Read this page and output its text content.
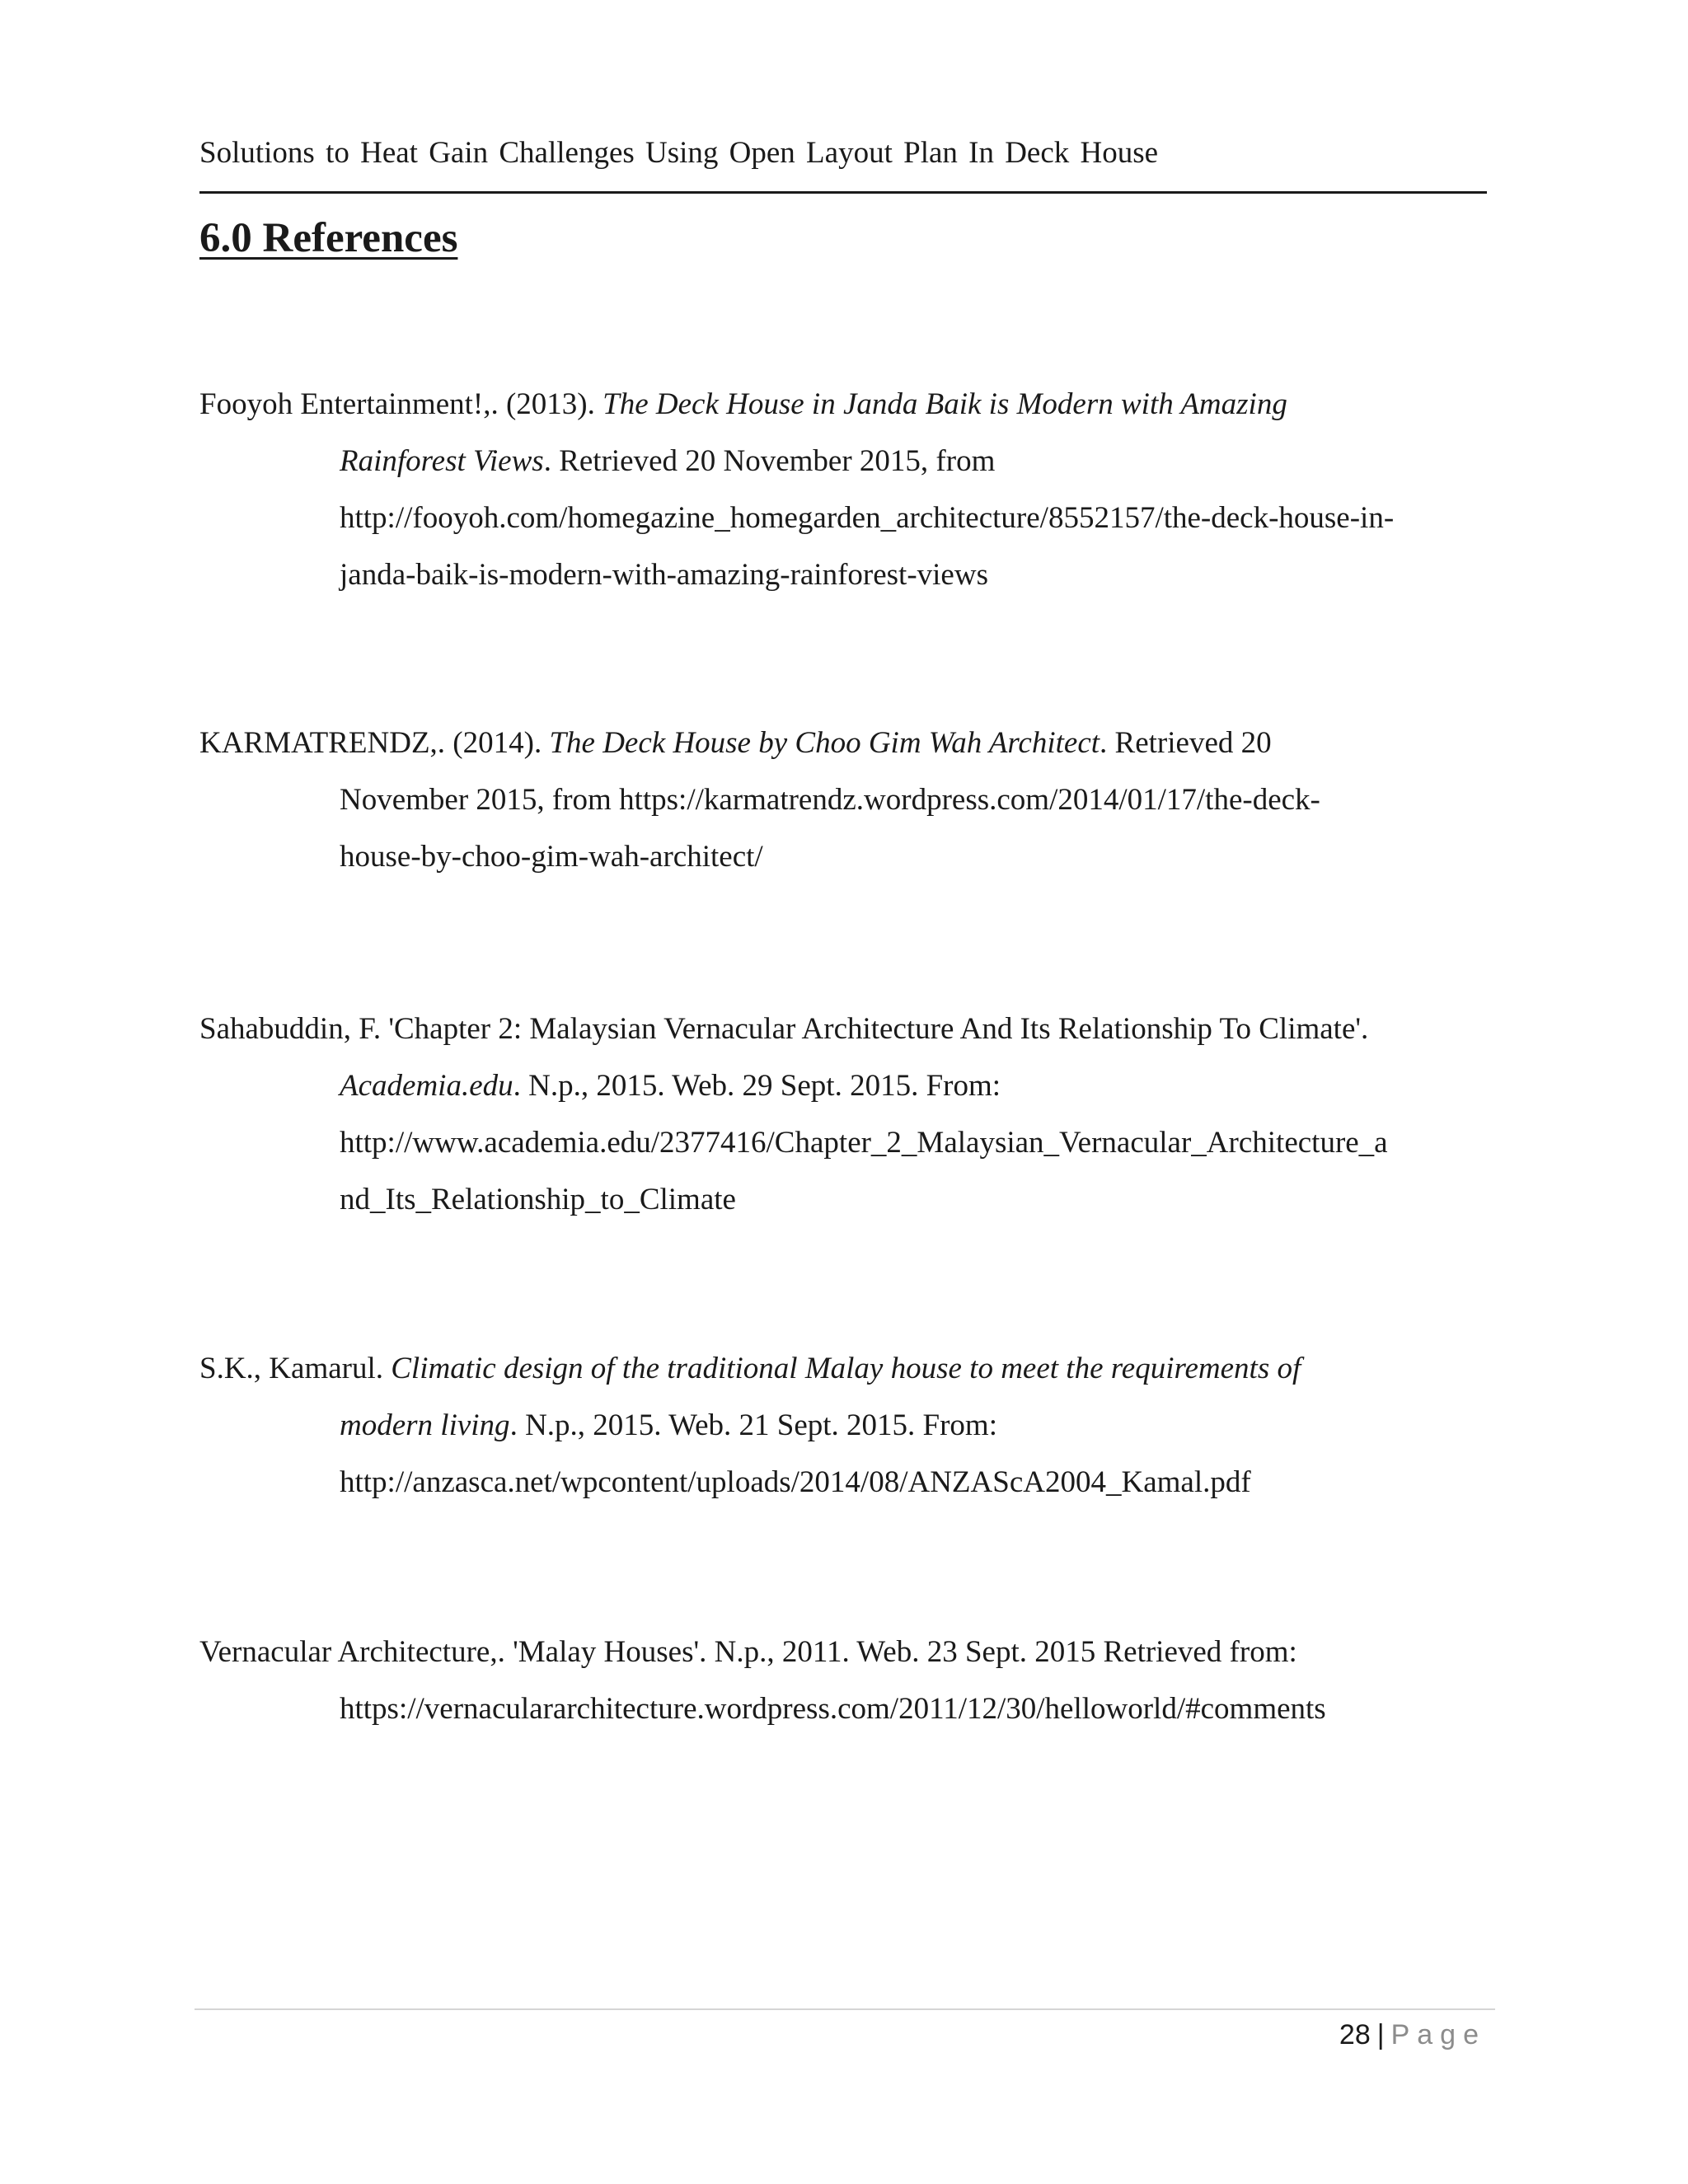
Solutions to Heat Gain Challenges Using Open Layout Plan In Deck House
6.0 References
Fooyoh Entertainment!,. (2013). The Deck House in Janda Baik is Modern with Amazing
Rainforest Views. Retrieved 20 November 2015, from
http://fooyoh.com/homegazine_homegarden_architecture/8552157/the-deck-house-in-
janda-baik-is-modern-with-amazing-rainforest-views
KARMATRENDZ,. (2014). The Deck House by Choo Gim Wah Architect. Retrieved 20
November 2015, from https://karmatrendz.wordpress.com/2014/01/17/the-deck-
house-by-choo-gim-wah-architect/
Sahabuddin, F. 'Chapter 2: Malaysian Vernacular Architecture And Its Relationship To Climate'.
Academia.edu. N.p., 2015. Web. 29 Sept. 2015. From:
http://www.academia.edu/2377416/Chapter_2_Malaysian_Vernacular_Architecture_a
nd_Its_Relationship_to_Climate
S.K., Kamarul. Climatic design of the traditional Malay house to meet the requirements of
modern living. N.p., 2015. Web. 21 Sept. 2015. From:
http://anzasca.net/wpcontent/uploads/2014/08/ANZAScA2004_Kamal.pdf
Vernacular Architecture,. 'Malay Houses'. N.p., 2011. Web. 23 Sept. 2015 Retrieved from:
https://vernaculararchitecture.wordpress.com/2011/12/30/helloworld/#comments
28 | Page
